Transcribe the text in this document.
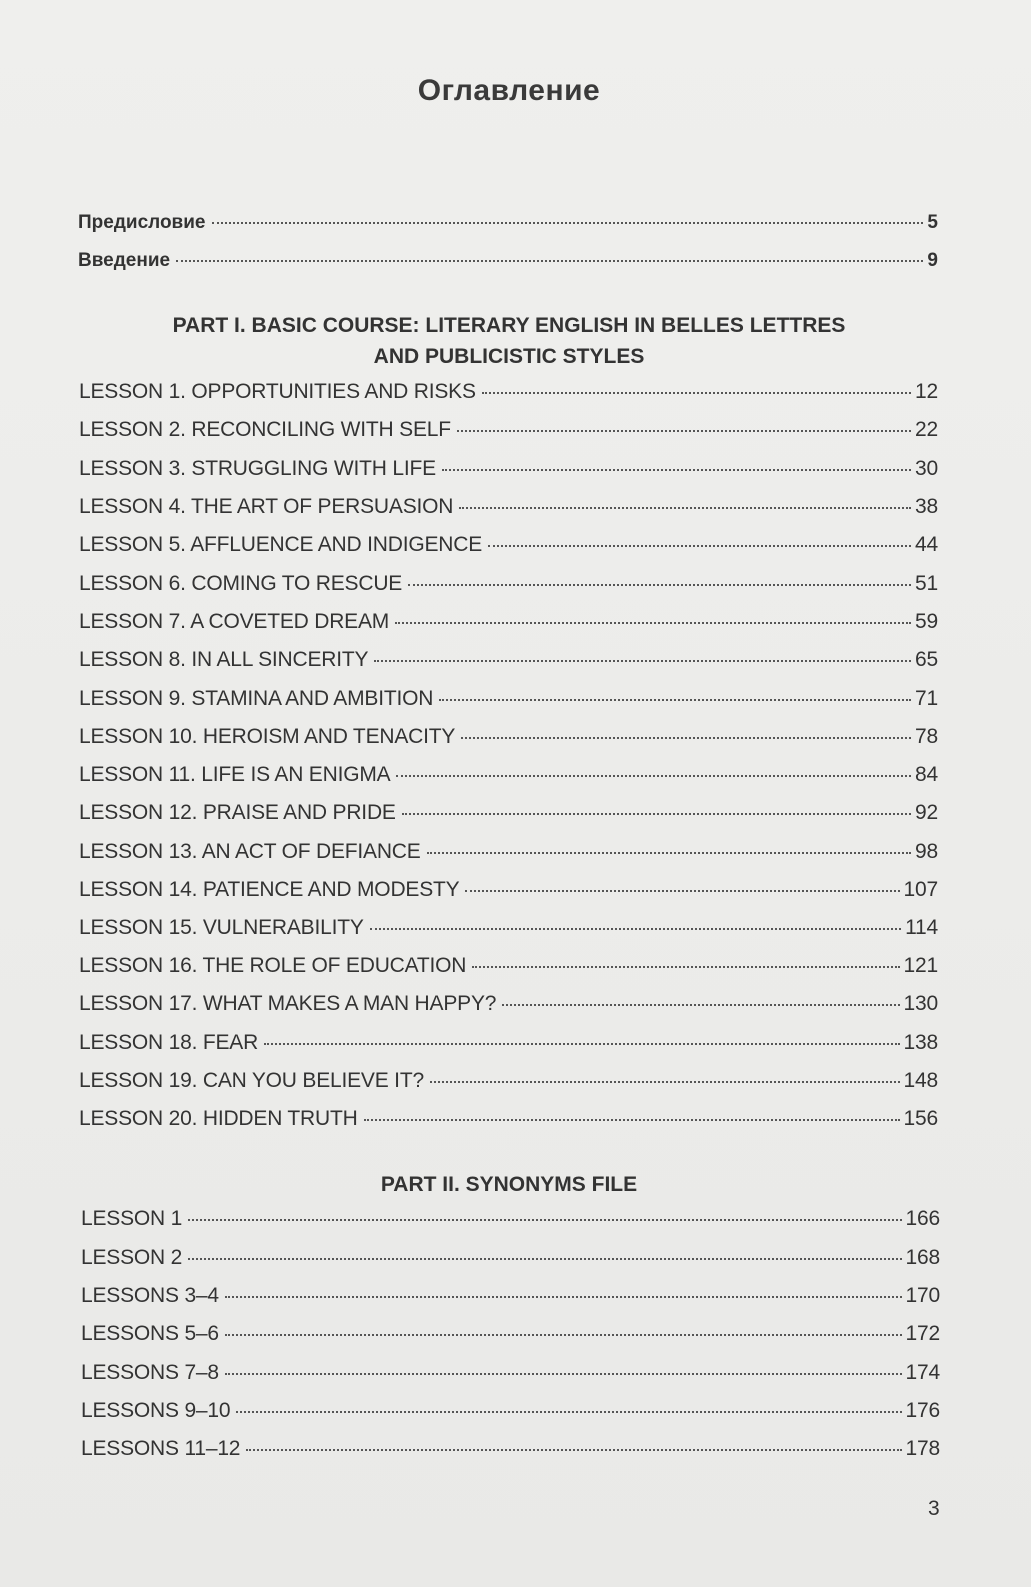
Оглавление
Предисловие	5
Введение	9
PART I. BASIC COURSE: LITERARY ENGLISH IN BELLES LETTRES
AND PUBLICISTIC STYLES
LESSON 1. OPPORTUNITIES AND RISKS	12
LESSON 2. RECONCILING WITH SELF	22
LESSON 3. STRUGGLING WITH LIFE	30
LESSON 4. THE ART OF PERSUASION	38
LESSON 5. AFFLUENCE AND INDIGENCE	44
LESSON 6. COMING TO RESCUE	51
LESSON 7. A COVETED DREAM	59
LESSON 8. IN ALL SINCERITY	65
LESSON 9. STAMINA AND AMBITION	71
LESSON 10. HEROISM AND TENACITY	78
LESSON 11. LIFE IS AN ENIGMA	84
LESSON 12. PRAISE AND PRIDE	92
LESSON 13. AN ACT OF DEFIANCE	98
LESSON 14. PATIENCE AND MODESTY	107
LESSON 15. VULNERABILITY	114
LESSON 16. THE ROLE OF EDUCATION	121
LESSON 17. WHAT MAKES A MAN HAPPY?	130
LESSON 18. FEAR	138
LESSON 19. CAN YOU BELIEVE IT?	148
LESSON 20. HIDDEN TRUTH	156
PART II. SYNONYMS FILE
LESSON 1	166
LESSON 2	168
LESSONS 3–4	170
LESSONS 5–6	172
LESSONS 7–8	174
LESSONS 9–10	176
LESSONS 11–12	178
3
